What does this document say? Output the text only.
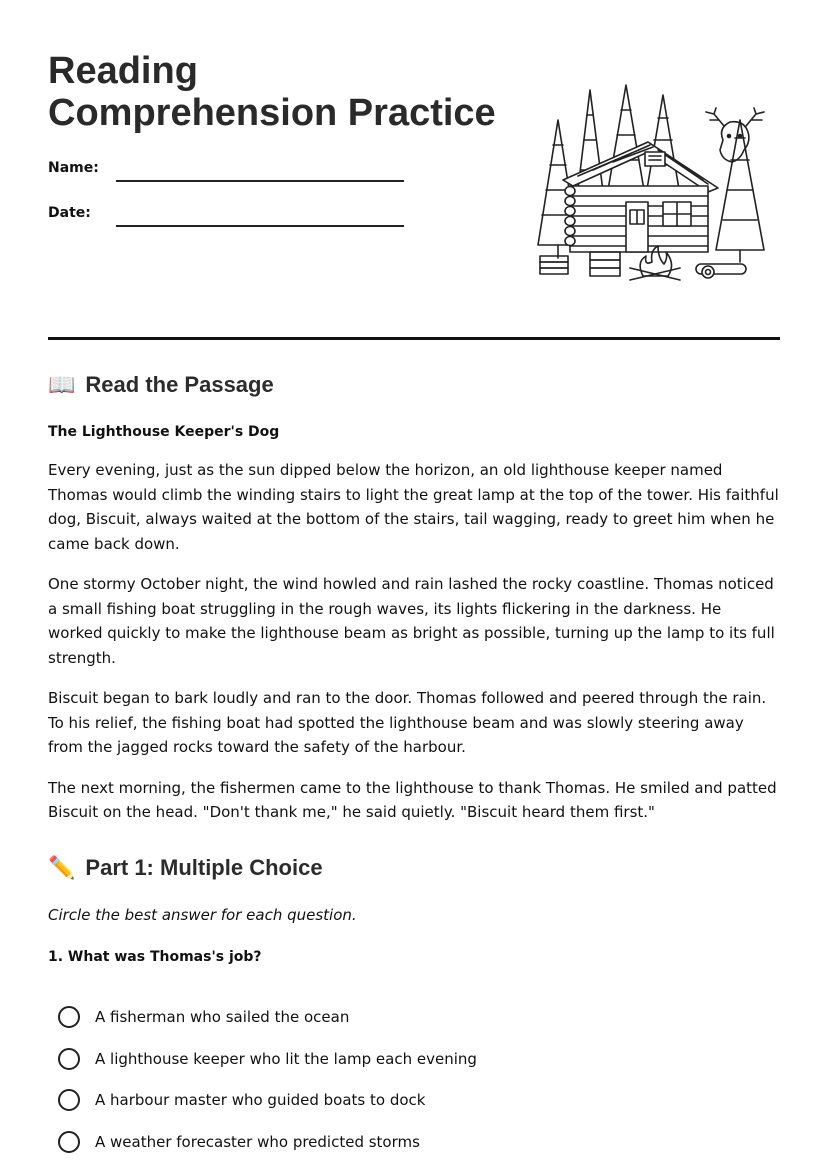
Reading
Comprehension Practice
Name:
Date:
📖 Read the Passage
The Lighthouse Keeper's Dog

Every evening, just as the sun dipped below the horizon, an old lighthouse keeper named Thomas would climb the winding stairs to light the great lamp at the top of the tower. His faithful dog, Biscuit, always waited at the bottom of the stairs, tail wagging, ready to greet him when he came back down.

One stormy October night, the wind howled and rain lashed the rocky coastline. Thomas noticed a small fishing boat struggling in the rough waves, its lights flickering in the darkness. He worked quickly to make the lighthouse beam as bright as possible, turning up the lamp to its full strength.

Biscuit began to bark loudly and ran to the door. Thomas followed and peered through the rain. To his relief, the fishing boat had spotted the lighthouse beam and was slowly steering away from the jagged rocks toward the safety of the harbour.

The next morning, the fishermen came to the lighthouse to thank Thomas. He smiled and patted Biscuit on the head. "Don't thank me," he said quietly. "Biscuit heard them first."

✏️ Part 1: Multiple Choice
Circle the best answer for each question.
1. What was Thomas's job?
A fisherman who sailed the ocean
A lighthouse keeper who lit the lamp each evening
A harbour master who guided boats to dock
A weather forecaster who predicted storms
